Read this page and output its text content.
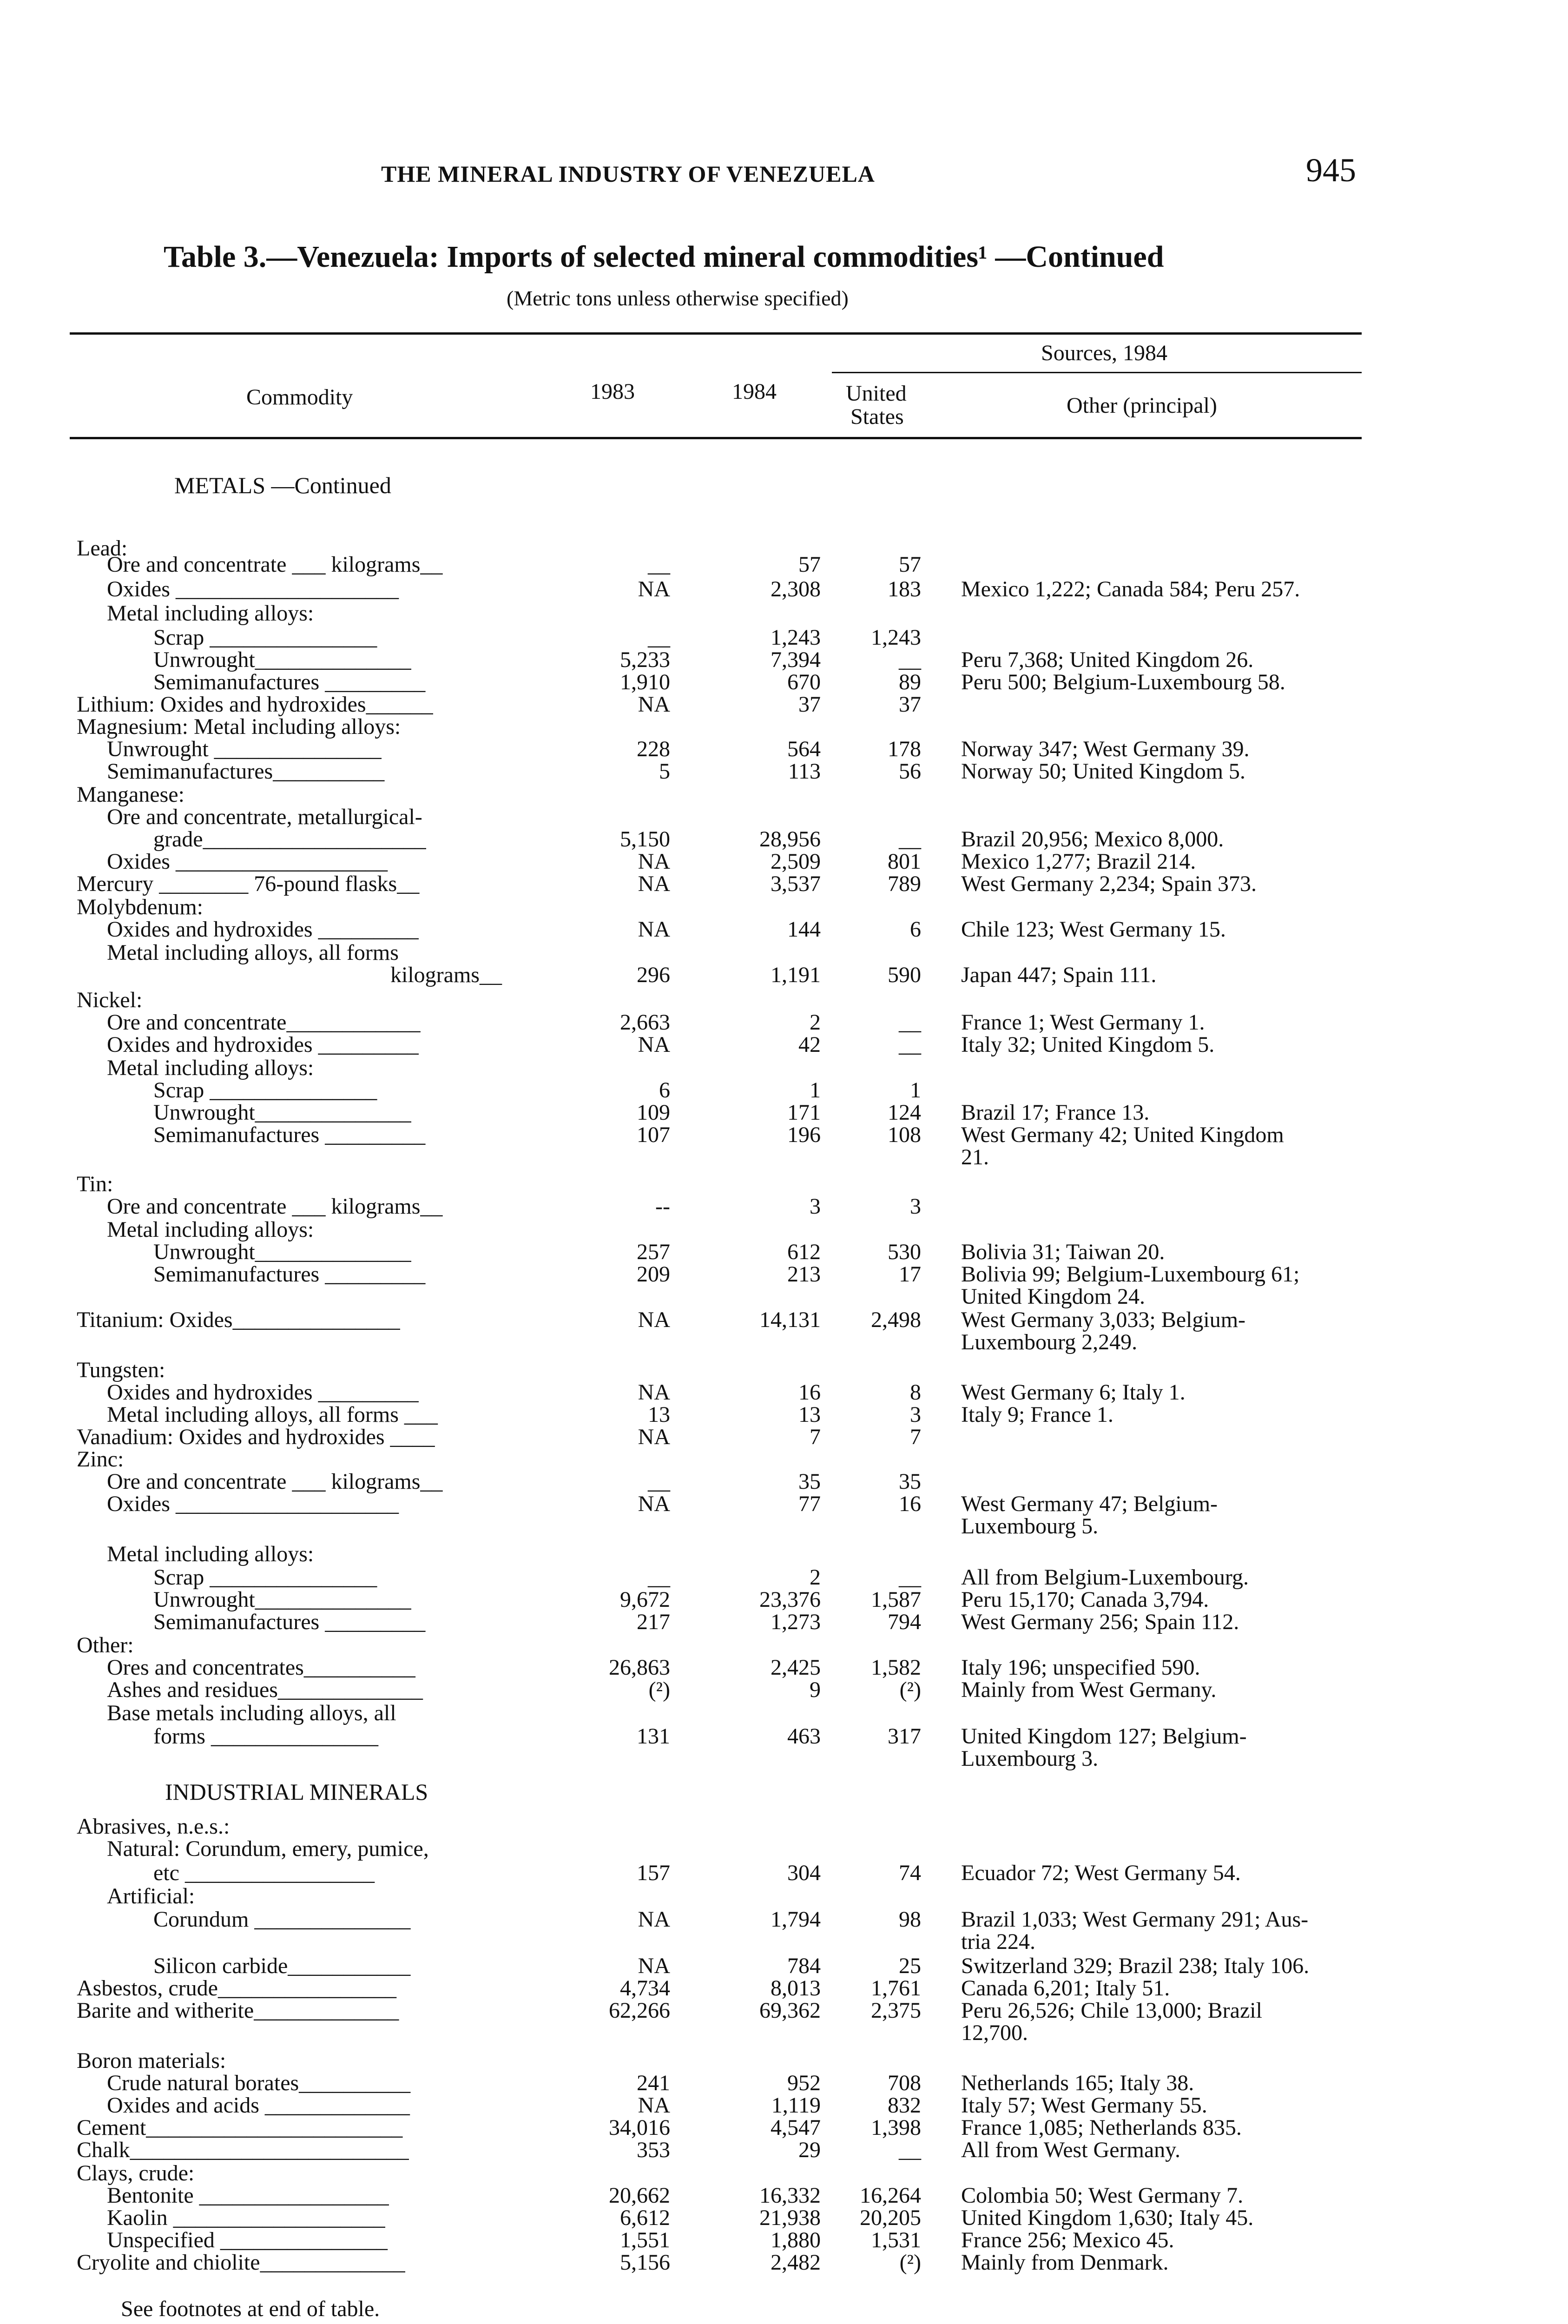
THE MINERAL INDUSTRY OF VENEZUELA	945
Table 3.—Venezuela: Imports of selected mineral commodities¹ —Continued
(Metric tons unless otherwise specified)
Commodity	1983	1984
Sources, 1984
United
States	Other (principal)
METALS —Continued
INDUSTRIAL MINERALS
Lead:
Ore and concentrate ___ kilograms__	__	57	57
Oxides ____________________	NA	2,308	183 Mexico 1,222; Canada 584; Peru 257.
Metal including alloys:
Scrap _______________	__	1,243 1,243
Unwrought______________	5,233	7,394	__ Peru 7,368; United Kingdom 26.
Semimanufactures _________	1,910	670	89 Peru 500; Belgium-Luxembourg 58.
Lithium: Oxides and hydroxides______	NA	37	37
Magnesium: Metal including alloys:
Unwrought _______________	228	564	178 Norway 347; West Germany 39.
Semimanufactures__________	5	113	56 Norway 50; United Kingdom 5.
Manganese:
Ore and concentrate, metallurgical-
grade____________________	5,150	28,956	__ Brazil 20,956; Mexico 8,000.
Oxides ___________________	NA	2,509	801 Mexico 1,277; Brazil 214.
Mercury ________ 76-pound flasks__	NA	3,537	789 West Germany 2,234; Spain 373.
Molybdenum:
Oxides and hydroxides _________	NA	144	6 Chile 123; West Germany 15.
Metal including alloys, all forms
kilograms__	296	1,191	590 Japan 447; Spain 111.
Nickel:
Ore and concentrate____________	2,663	2	__ France 1; West Germany 1.
Oxides and hydroxides _________	NA	42	__ Italy 32; United Kingdom 5.
Metal including alloys:
Scrap _______________	6	1	1
Unwrought______________	109	171	124 Brazil 17; France 13.
Semimanufactures _________	107	196	108 West Germany 42; United Kingdom
21.
Tin:
Ore and concentrate ___ kilograms__	--	3	3
Metal including alloys:
Unwrought______________	257	612	530 Bolivia 31; Taiwan 20.
Semimanufactures _________	209	213	17 Bolivia 99; Belgium-Luxembourg 61;
United Kingdom 24.
Titanium: Oxides_______________	NA	14,131 2,498 West Germany 3,033; Belgium-
Luxembourg 2,249.
Tungsten:
Oxides and hydroxides _________	NA	16	8 West Germany 6; Italy 1.
Metal including alloys, all forms ___	13	13	3 Italy 9; France 1.
Vanadium: Oxides and hydroxides ____	NA	7	7
Zinc:
Ore and concentrate ___ kilograms__	__	35	35
Oxides ____________________	NA	77	16 West Germany 47; Belgium-
Luxembourg 5.
Metal including alloys:
Scrap _______________	__	2	__ All from Belgium-Luxembourg.
Unwrought______________	9,672	23,376 1,587 Peru 15,170; Canada 3,794.
Semimanufactures _________	217	1,273	794 West Germany 256; Spain 112.
Other:
Ores and concentrates__________	26,863	2,425 1,582 Italy 196; unspecified 590.
Ashes and residues_____________	(²)	9	(²) Mainly from West Germany.
Base metals including alloys, all
forms _______________	131	463	317 United Kingdom 127; Belgium-
Luxembourg 3.
Abrasives, n.e.s.:
Natural: Corundum, emery, pumice,
etc _________________	157	304	74 Ecuador 72; West Germany 54.
Artificial:
Corundum ______________	NA	1,794	98 Brazil 1,033; West Germany 291; Aus-
tria 224.
Silicon carbide___________	NA	784	25 Switzerland 329; Brazil 238; Italy 106.
Asbestos, crude________________	4,734	8,013 1,761 Canada 6,201; Italy 51.
Barite and witherite_____________	62,266	69,362 2,375 Peru 26,526; Chile 13,000; Brazil
12,700.
Boron materials:
Crude natural borates__________	241	952	708 Netherlands 165; Italy 38.
Oxides and acids _____________	NA	1,119	832 Italy 57; West Germany 55.
Cement_______________________	34,016	4,547 1,398 France 1,085; Netherlands 835.
Chalk_________________________	353	29	__ All from West Germany.
Clays, crude:
Bentonite _________________	20,662	16,332 16,264 Colombia 50; West Germany 7.
Kaolin ___________________	6,612	21,938 20,205 United Kingdom 1,630; Italy 45.
Unspecified _______________	1,551	1,880 1,531 France 256; Mexico 45.
Cryolite and chiolite_____________	5,156	2,482	(²) Mainly from Denmark.
See footnotes at end of table.
